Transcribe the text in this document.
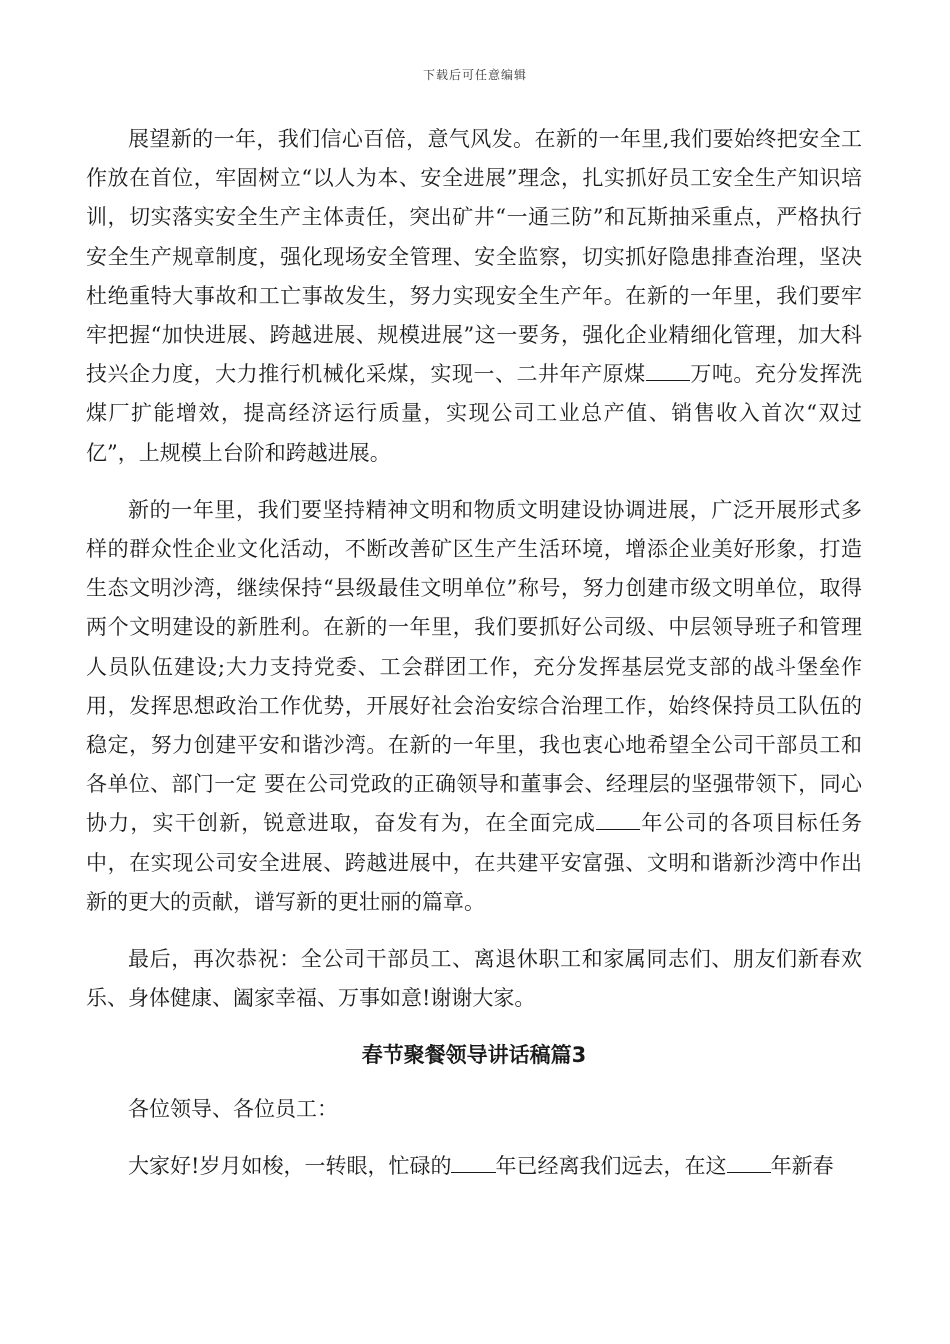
下载后可任意编辑

展望新的一年，我们信心百倍，意气风发。在新的一年里,我们要始终把安全工作放在首位，牢固树立“以人为本、安全进展”理念，扎实抓好员工安全生产知识培训，切实落实安全生产主体责任，突出矿井“一通三防”和瓦斯抽采重点，严格执行安全生产规章制度，强化现场安全管理、安全监察，切实抓好隐患排查治理，坚决杜绝重特大事故和工亡事故发生，努力实现安全生产年。在新的一年里，我们要牢牢把握“加快进展、跨越进展、规模进展”这一要务，强化企业精细化管理，加大科技兴企力度，大力推行机械化采煤，实现一、二井年产原煤 万吨。充分发挥洗煤厂扩能增效，提高经济运行质量，实现公司工业总产值、销售收入首次“双过亿”，上规模上台阶和跨越进展。

新的一年里，我们要坚持精神文明和物质文明建设协调进展，广泛开展形式多样的群众性企业文化活动，不断改善矿区生产生活环境，增添企业美好形象，打造生态文明沙湾，继续保持“县级最佳文明单位”称号，努力创建市级文明单位，取得两个文明建设的新胜利。在新的一年里，我们要抓好公司级、中层领导班子和管理人员队伍建设;大力支持党委、工会群团工作，充分发挥基层党支部的战斗堡垒作用，发挥思想政治工作优势，开展好社会治安综合治理工作，始终保持员工队伍的稳定，努力创建平安和谐沙湾。在新的一年里，我也衷心地希望全公司干部员工和各单位、部门一定 要在公司党政的正确领导和董事会、经理层的坚强带领下，同心协力，实干创新，锐意进取，奋发有为，在全面完成 年公司的各项目标任务中，在实现公司安全进展、跨越进展中，在共建平安富强、文明和谐新沙湾中作出新的更大的贡献，谱写新的更壮丽的篇章。

最后，再次恭祝：全公司干部员工、离退休职工和家属同志们、朋友们新春欢乐、身体健康、阖家幸福、万事如意!谢谢大家。

春节聚餐领导讲话稿篇3

各位领导、各位员工：

大家好!岁月如梭，一转眼，忙碌的 年已经离我们远去，在这 年新春
